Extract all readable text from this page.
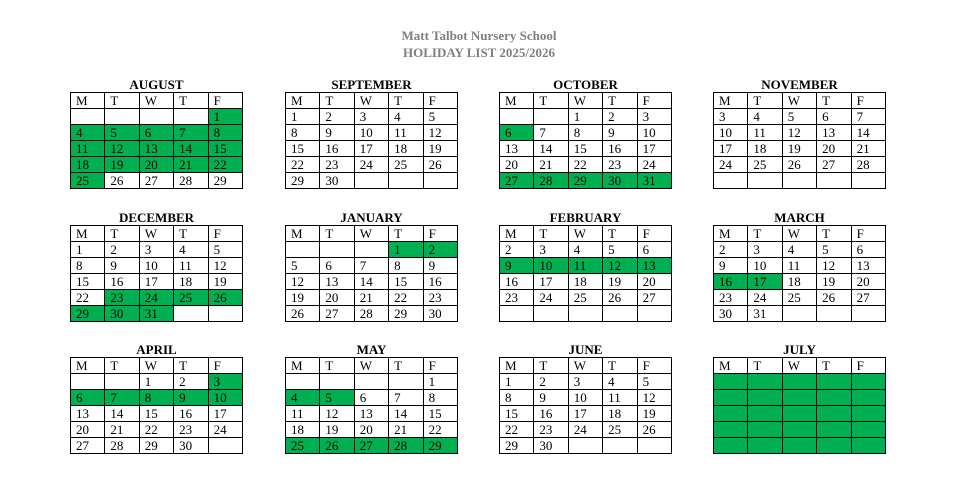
Matt Talbot Nursery School
HOLIDAY LIST 2025/2026
AUGUST
M	T	W	T	F
				1
4	5	6	7	8
11	12	13	14	15
18	19	20	21	22
25	26	27	28	29
SEPTEMBER
M	T	W	T	F
1	2	3	4	5
8	9	10	11	12
15	16	17	18	19
22	23	24	25	26
29	30			
OCTOBER
M	T	W	T	F
		1	2	3
6	7	8	9	10
13	14	15	16	17
20	21	22	23	24
27	28	29	30	31
NOVEMBER
M	T	W	T	F
3	4	5	6	7
10	11	12	13	14
17	18	19	20	21
24	25	26	27	28

DECEMBER
M	T	W	T	F
1	2	3	4	5
8	9	10	11	12
15	16	17	18	19
22	23	24	25	26
29	30	31		
JANUARY
M	T	W	T	F
			1	2
5	6	7	8	9
12	13	14	15	16
19	20	21	22	23
26	27	28	29	30
FEBRUARY
M	T	W	T	F
2	3	4	5	6
9	10	11	12	13
16	17	18	19	20
23	24	25	26	27

MARCH
M	T	W	T	F
2	3	4	5	6
9	10	11	12	13
16	17	18	19	20
23	24	25	26	27
30	31			
APRIL
M	T	W	T	F
		1	2	3
6	7	8	9	10
13	14	15	16	17
20	21	22	23	24
27	28	29	30	
MAY
M	T	W	T	F
				1
4	5	6	7	8
11	12	13	14	15
18	19	20	21	22
25	26	27	28	29
JUNE
M	T	W	T	F
1	2	3	4	5
8	9	10	11	12
15	16	17	18	19
22	23	24	25	26
29	30			
JULY
M	T	W	T	F
